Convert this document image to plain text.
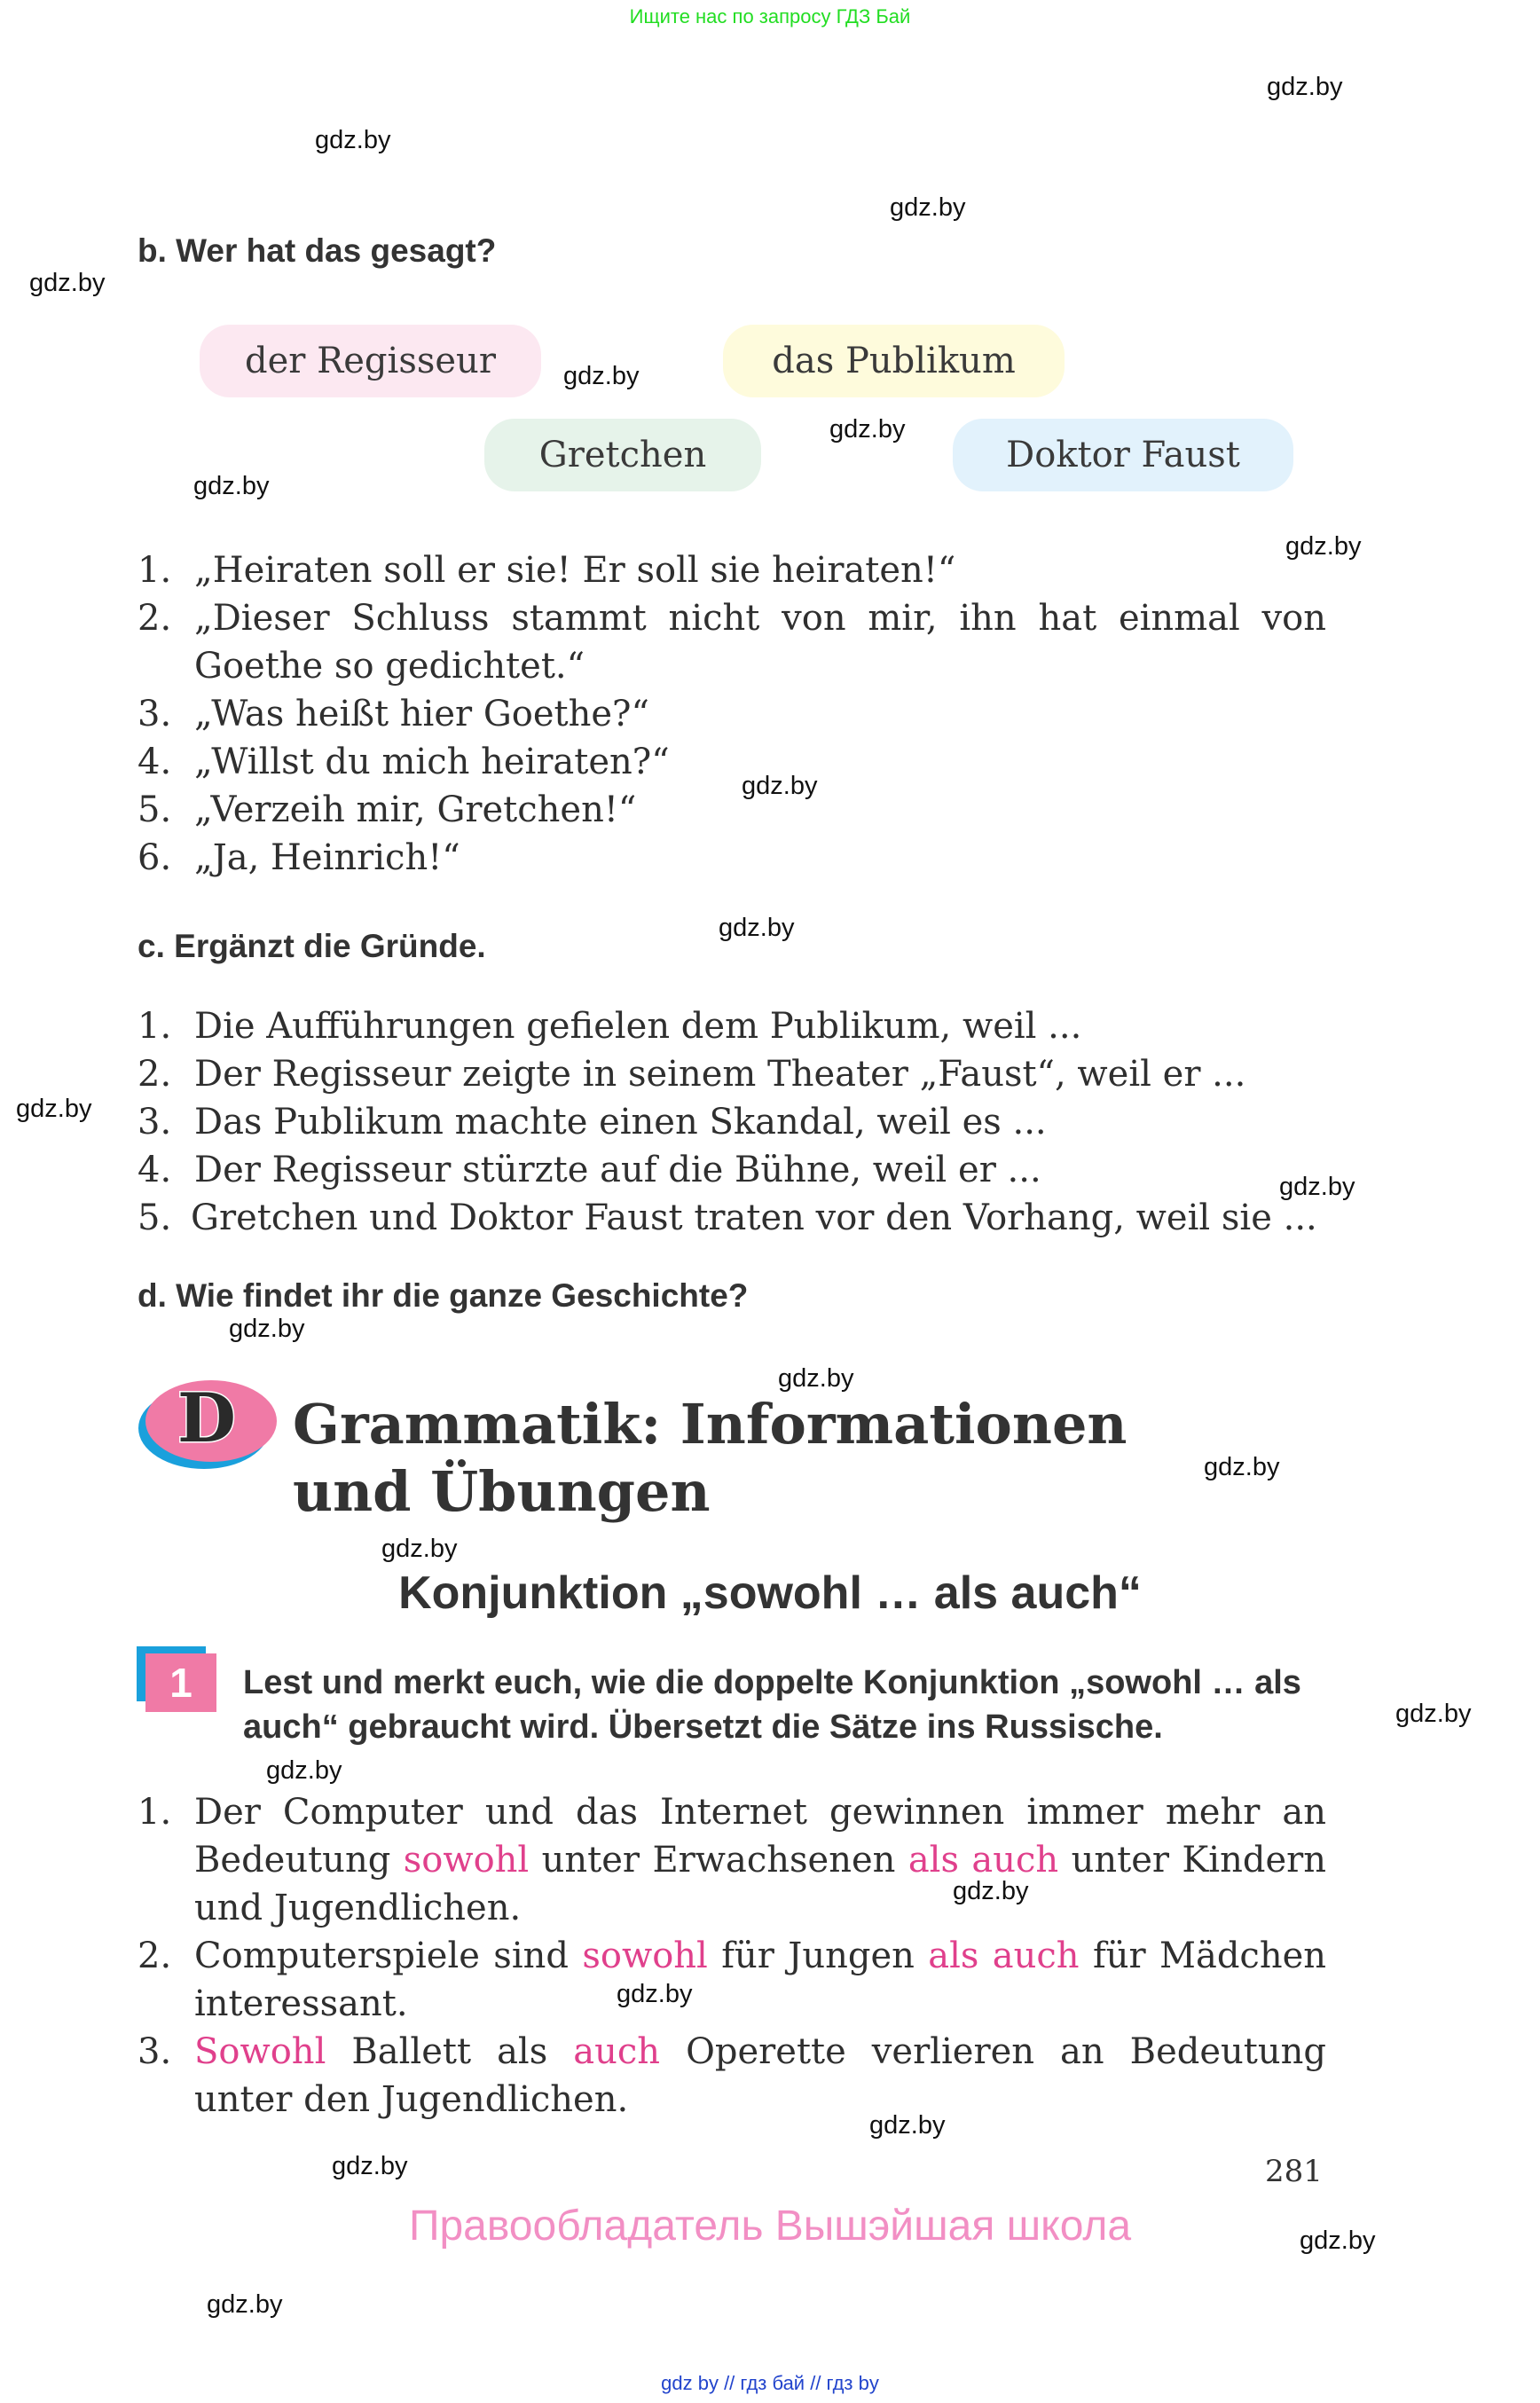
Ищите нас по запросу ГДЗ Бай
gdz.by
gdz.by
gdz.by
gdz.by
gdz.by
gdz.by
gdz.by
gdz.by
gdz.by
gdz.by
gdz.by
gdz.by
gdz.by
gdz.by
gdz.by
gdz.by
gdz.by
gdz.by
gdz.by
gdz.by
gdz.by
gdz.by
gdz.by
gdz.by
b. Wer hat das gesagt?
der Regisseur	das Publikum
Gretchen	Doktor Faust
1. „Heiraten soll er sie! Er soll sie heiraten!“
2. „Dieser Schluss stammt nicht von mir, ihn hat einmal von Goethe so gedichtet.“
3. „Was heißt hier Goethe?“
4. „Willst du mich heiraten?“
5. „Verzeih mir, Gretchen!“
6. „Ja, Heinrich!“
c. Ergänzt die Gründe.
1. Die Aufführungen gefielen dem Publikum, weil ...
2. Der Regisseur zeigte in seinem Theater „Faust“, weil er ...
3. Das Publikum machte einen Skandal, weil es ...
4. Der Regisseur stürzte auf die Bühne, weil er ...
5. Gretchen und Doktor Faust traten vor den Vorhang, weil sie ...
d. Wie findet ihr die ganze Geschichte?
D Grammatik: Informationen und Übungen
Konjunktion „sowohl … als auch“
1	Lest und merkt euch, wie die doppelte Konjunktion „sowohl … als auch“ gebraucht wird. Übersetzt die Sätze ins Russische.
1. Der Computer und das Internet gewinnen immer mehr an Bedeutung sowohl unter Erwachsenen als auch unter Kindern und Jugendlichen.
2. Computerspiele sind sowohl für Jungen als auch für Mädchen interessant.
3. Sowohl Ballett als auch Operette verlieren an Bedeutung unter den Jugendlichen.
281
Правообладатель Вышэйшая школа
gdz by // гдз бай // гдз by
